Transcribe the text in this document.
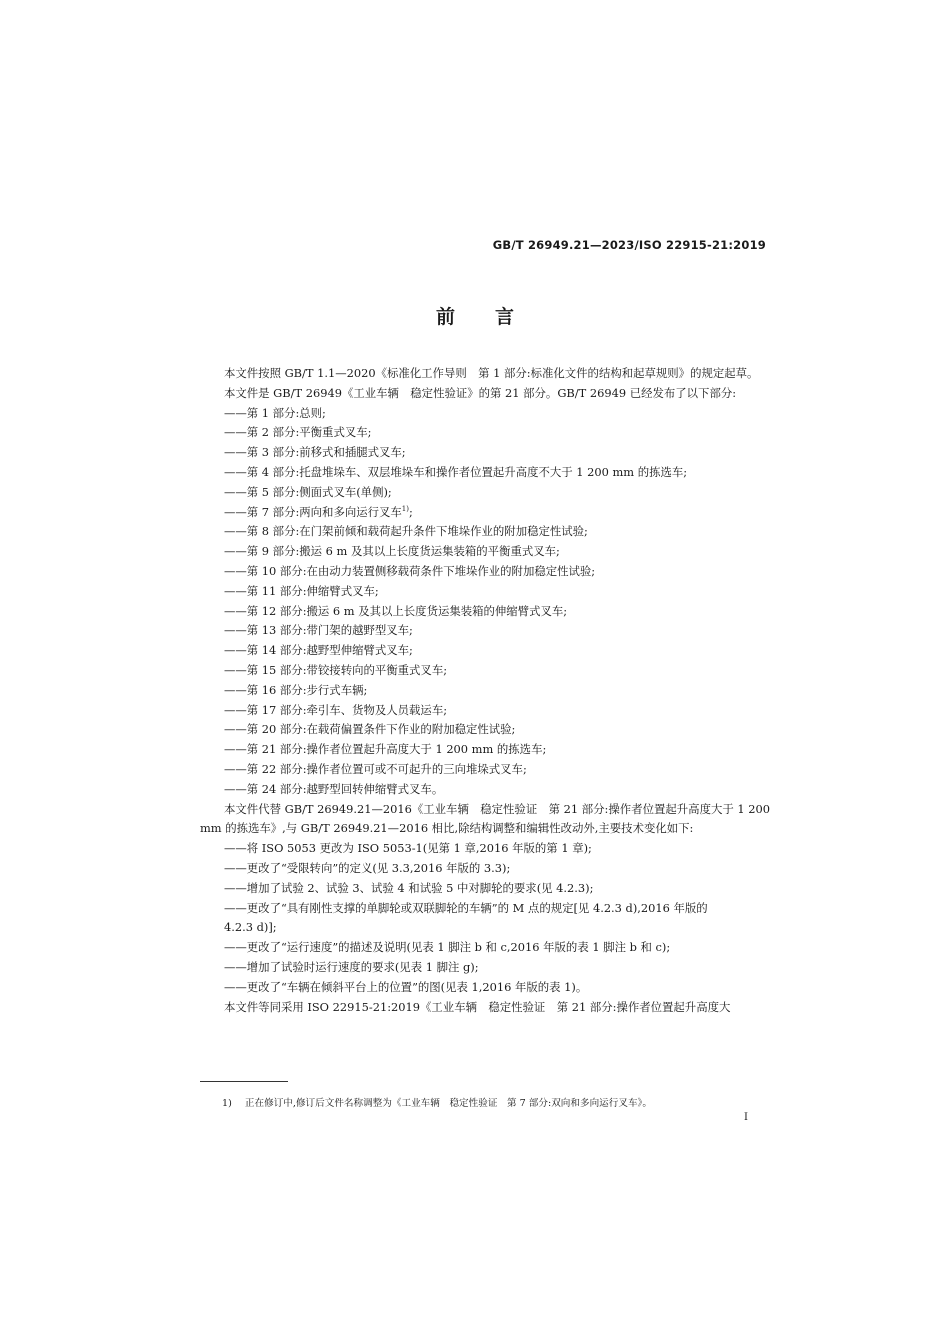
GB/T 26949.21—2023/ISO 22915-21:2019
前言

本文件按照 GB/T 1.1—2020《标准化工作导则　第 1 部分:标准化文件的结构和起草规则》的规定起草。

本文件是 GB/T 26949《工业车辆　稳定性验证》的第 21 部分。GB/T 26949 已经发布了以下部分:

——第 1 部分:总则;

——第 2 部分:平衡重式叉车;

——第 3 部分:前移式和插腿式叉车;

——第 4 部分:托盘堆垛车、双层堆垛车和操作者位置起升高度不大于 1 200 mm 的拣选车;

——第 5 部分:侧面式叉车(单侧);

——第 7 部分:两向和多向运行叉车$^{1)}$;

——第 8 部分:在门架前倾和载荷起升条件下堆垛作业的附加稳定性试验;

——第 9 部分:搬运 6 m 及其以上长度货运集装箱的平衡重式叉车;

——第 10 部分:在由动力装置侧移载荷条件下堆垛作业的附加稳定性试验;

——第 11 部分:伸缩臂式叉车;

——第 12 部分:搬运 6 m 及其以上长度货运集装箱的伸缩臂式叉车;

——第 13 部分:带门架的越野型叉车;

——第 14 部分:越野型伸缩臂式叉车;

——第 15 部分:带铰接转向的平衡重式叉车;

——第 16 部分:步行式车辆;

——第 17 部分:牵引车、货物及人员载运车;

——第 20 部分:在载荷偏置条件下作业的附加稳定性试验;

——第 21 部分:操作者位置起升高度大于 1 200 mm 的拣选车;

——第 22 部分:操作者位置可或不可起升的三向堆垛式叉车;

——第 24 部分:越野型回转伸缩臂式叉车。

本文件代替 GB/T 26949.21—2016《工业车辆　稳定性验证　第 21 部分:操作者位置起升高度大于 1 200 mm 的拣选车》,与 GB/T 26949.21—2016 相比,除结构调整和编辑性改动外,主要技术变化如下:

——将 ISO 5053 更改为 ISO 5053-1(见第 1 章,2016 年版的第 1 章);

——更改了“受限转向”的定义(见 3.3,2016 年版的 3.3);

——增加了试验 2、试验 3、试验 4 和试验 5 中对脚轮的要求(见 4.2.3);

——更改了“具有刚性支撑的单脚轮或双联脚轮的车辆”的 M 点的规定[见 4.2.3 d),2016 年版的

4.2.3 d)];

——更改了“运行速度”的描述及说明(见表 1 脚注 b 和 c,2016 年版的表 1 脚注 b 和 c);

——增加了试验时运行速度的要求(见表 1 脚注 g);

——更改了“车辆在倾斜平台上的位置”的图(见表 1,2016 年版的表 1)。

本文件等同采用 ISO 22915-21:2019《工业车辆　稳定性验证　第 21 部分:操作者位置起升高度大

1) 正在修订中,修订后文件名称调整为《工业车辆　稳定性验证　第 7 部分:双向和多向运行叉车》。
I
